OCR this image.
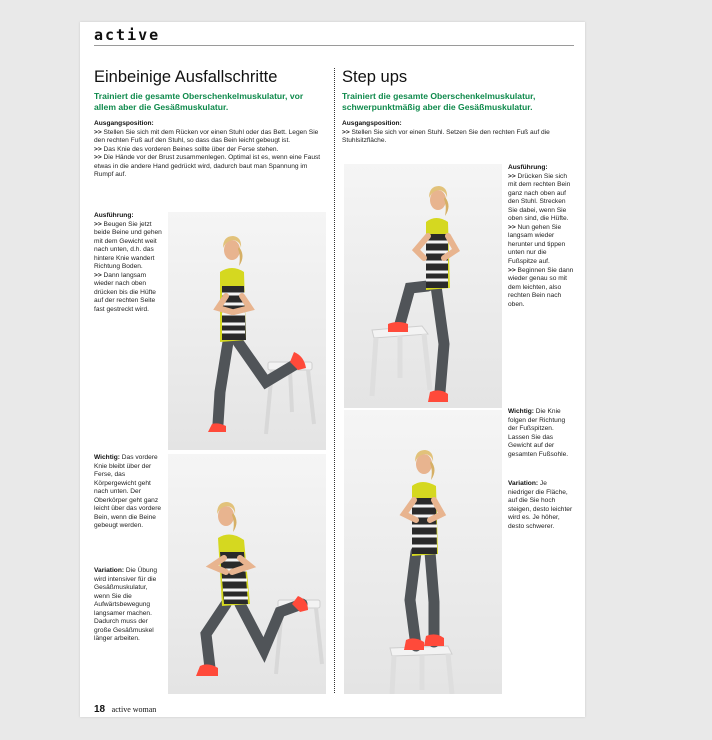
active
Einbeinige Ausfallschritte
Trainiert die gesamte Oberschenkelmuskulatur, vor allem aber die Gesäßmuskulatur.
Ausgangsposition:
>> Stellen Sie sich mit dem Rücken vor einen Stuhl oder das Bett. Legen Sie den rechten Fuß auf den Stuhl, so dass das Bein leicht gebeugt ist.
>> Das Knie des vorderen Beines sollte über der Ferse stehen.
>> Die Hände vor der Brust zusammenlegen. Optimal ist es, wenn eine Faust etwas in die andere Hand gedrückt wird, dadurch baut man Spannung im Rumpf auf.
Ausführung:
>> Beugen Sie jetzt beide Beine und gehen mit dem Gewicht weit nach unten, d.h. das hintere Knie wandert Richtung Boden.
>> Dann langsam wieder nach oben drücken bis die Hüfte auf der rechten Seite fast gestreckt wird.
Wichtig: Das vordere Knie bleibt über der Ferse, das Körpergewicht geht nach unten. Der Oberkörper geht ganz leicht über das vordere Bein, wenn die Beine gebeugt werden.
Variation: Die Übung wird intensiver für die Gesäßmuskulatur, wenn Sie die Aufwärtsbewegung langsamer machen. Dadurch muss der große Gesäßmuskel länger arbeiten.
Step ups
Trainiert die gesamte Oberschenkelmuskulatur, schwerpunktmäßig aber die Gesäßmuskulatur.
Ausgangsposition:
>> Stellen Sie sich vor einen Stuhl. Setzen Sie den rechten Fuß auf die Stuhlsitzfläche.
Ausführung:
>> Drücken Sie sich mit dem rechten Bein ganz nach oben auf den Stuhl. Strecken Sie dabei, wenn Sie oben sind, die Hüfte.
>> Nun gehen Sie langsam wieder herunter und tippen unten nur die Fußspitze auf.
>> Beginnen Sie dann wieder genau so mit dem leichten, also rechten Bein nach oben.
Wichtig: Die Knie folgen der Richtung der Fußspitzen. Lassen Sie das Gewicht auf der gesamten Fußsohle.
Variation: Je niedriger die Fläche, auf die Sie hoch steigen, desto leichter wird es. Je höher, desto schwerer.
18 active woman
